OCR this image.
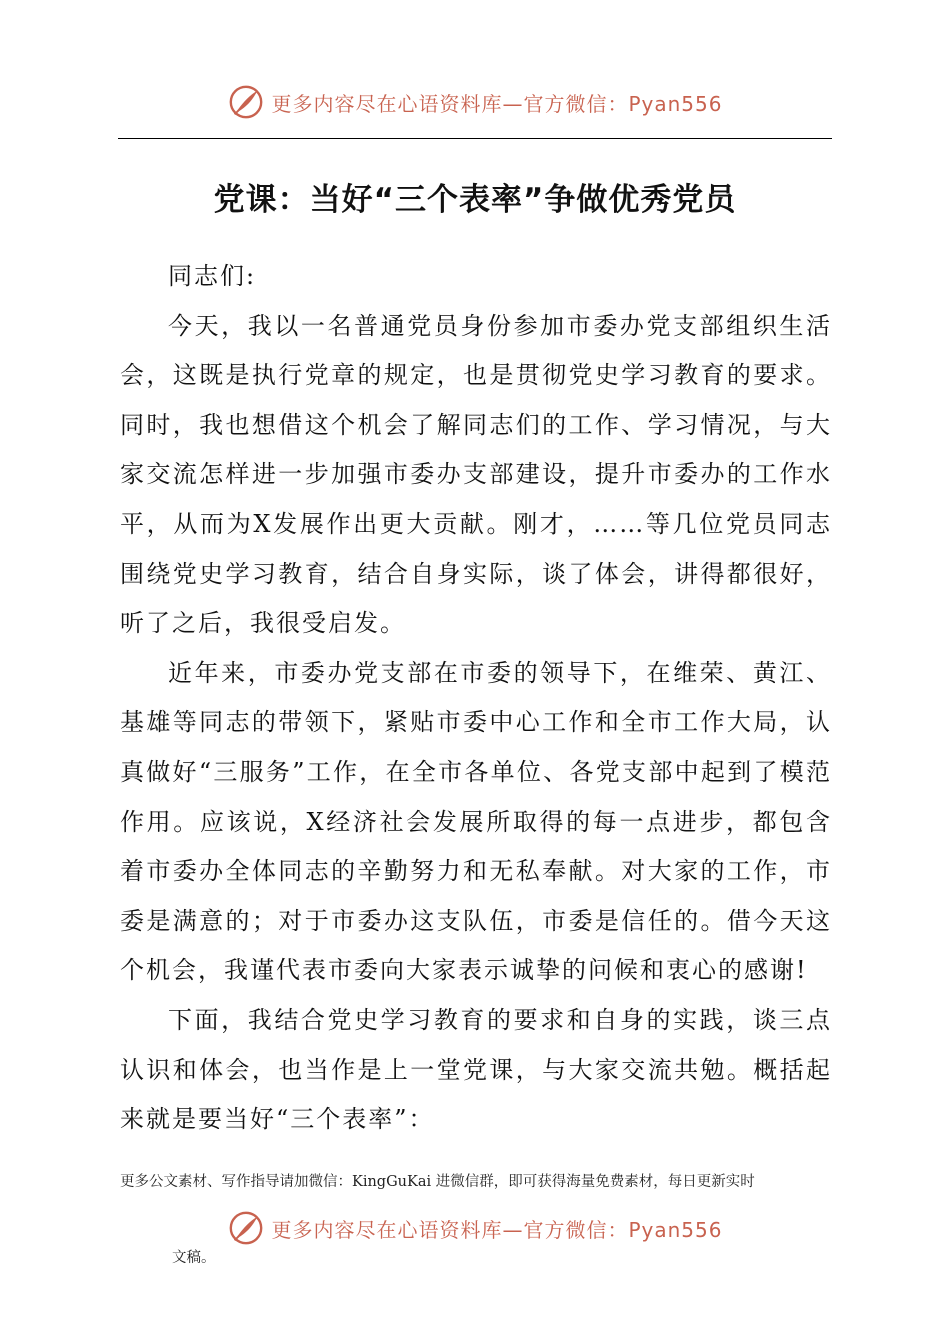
更多内容尽在心语资料库—官方微信：Pyan556
党课：当好“三个表率”争做优秀党员

同志们:

今天，我以一名普通党员身份参加市委办党支部组织生活会，这既是执行党章的规定，也是贯彻党史学习教育的要求。同时，我也想借这个机会了解同志们的工作、学习情况，与大家交流怎样进一步加强市委办支部建设，提升市委办的工作水平，从而为X发展作出更大贡献。刚才，……等几位党员同志围绕党史学习教育，结合自身实际，谈了体会，讲得都很好，听了之后，我很受启发。

近年来，市委办党支部在市委的领导下，在维荣、黄江、基雄等同志的带领下，紧贴市委中心工作和全市工作大局，认真做好“三服务”工作，在全市各单位、各党支部中起到了模范作用。应该说，X经济社会发展所取得的每一点进步，都包含着市委办全体同志的辛勤努力和无私奉献。对大家的工作，市委是满意的；对于市委办这支队伍，市委是信任的。借今天这个机会，我谨代表市委向大家表示诚挚的问候和衷心的感谢!

下面，我结合党史学习教育的要求和自身的实践，谈三点认识和体会，也当作是上一堂党课，与大家交流共勉。概括起来就是要当好“三个表率”：

更多公文素材、写作指导请加微信：KingGuKai 进微信群，即可获得海量免费素材，每日更新实时
更多内容尽在心语资料库—官方微信：Pyan556
文稿。
